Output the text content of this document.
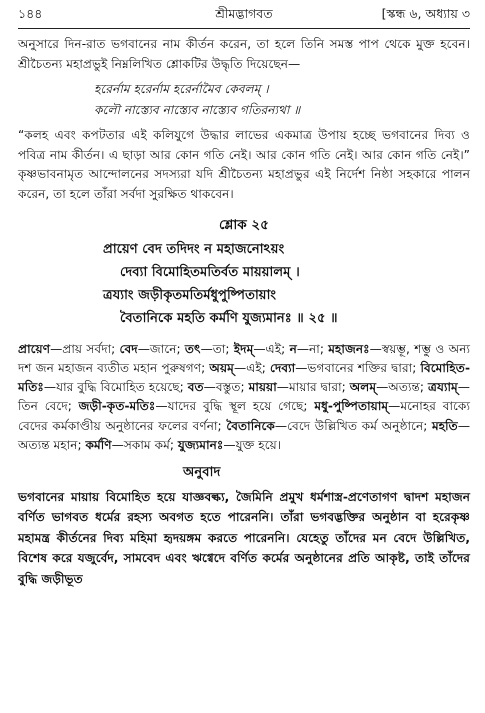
১৪৪	শ্রীমদ্ভাগবত	[স্কন্ধ ৬, অধ্যায় ৩

অনুসারে দিন-রাত ভগবানের নাম কীর্তন করেন, তা হলে তিনি সমস্ত পাপ থেকে মুক্ত হবেন। শ্রীচৈতন্য মহাপ্রভুই নিম্নলিখিত শ্লোকটির উদ্ধৃতি দিয়েছেন—

হরের্নাম হরের্নাম হরের্নামৈব কেবলম্ ।
কলৌ নাস্ত্যেব নাস্ত্যেব নাস্ত্যেব গতিরন্যথা ॥

“কলহ এবং কপটতার এই কলিযুগে উদ্ধার লাভের একমাত্র উপায় হচ্ছে ভগবানের দিব্য ও পবিত্র নাম কীর্তন। এ ছাড়া আর কোন গতি নেই। আর কোন গতি নেই। আর কোন গতি নেই।” কৃষ্ণভাবনামৃত আন্দোলনের সদস্যরা যদি শ্রীচৈতন্য মহাপ্রভুর এই নির্দেশ নিষ্ঠা সহকারে পালন করেন, তা হলে তাঁরা সর্বদা সুরক্ষিত থাকবেন।

শ্লোক ২৫
প্রায়েণ বেদ তদিদং ন মহাজনোঽয়ং
দেব্যা বিমোহিতমতির্বত মায়য়ালম্ ।
ত্রয্যাং জড়ীকৃতমতির্মধুপুষ্পিতায়াং
বৈতানিকে মহতি কর্মণি যুজ্যমানঃ ॥ ২৫ ॥

প্রায়েণ—প্রায় সর্বদা; বেদ—জানে; তৎ—তা; ইদম্—এই; ন—না; মহাজনঃ—স্বয়ম্ভূ, শম্ভু ও অন্য দশ জন মহাজন ব্যতীত মহান পুরুষগণ; অয়ম্—এই; দেব্যা—ভগবানের শক্তির দ্বারা; বিমোহিত-মতিঃ—যার বুদ্ধি বিমোহিত হয়েছে; বত—বস্তুত; মায়য়া—মায়ার দ্বারা; অলম্—অত্যন্ত; ত্রয্যাম্—তিন বেদে; জড়ী-কৃত-মতিঃ—যাদের বুদ্ধি স্থূল হয়ে গেছে; মধু-পুষ্পিতায়াম্—মনোহর বাক্যে বেদের কর্মকাণ্ডীয় অনুষ্ঠানের ফলের বর্ণনা; বৈতানিকে—বেদে উল্লিখিত কর্ম অনুষ্ঠানে; মহতি—অত্যন্ত মহান; কর্মণি—সকাম কর্ম; যুজ্যমানঃ—যুক্ত হয়ে।

অনুবাদ

ভগবানের মায়ায় বিমোহিত হয়ে যাজ্ঞবল্ক্য, জৈমিনি প্রমুখ ধর্মশাস্ত্র-প্রণেতাগণ দ্বাদশ মহাজন বর্ণিত ভাগবত ধর্মের রহস্য অবগত হতে পারেননি। তাঁরা ভগবদ্ভক্তির অনুষ্ঠান বা হরেকৃষ্ণ মহামন্ত্র কীর্তনের দিব্য মহিমা হৃদয়ঙ্গম করতে পারেননি। যেহেতু তাঁদের মন বেদে উল্লিখিত, বিশেষ করে যজুর্বেদ, সামবেদ এবং ঋগ্বেদে বর্ণিত কর্মের অনুষ্ঠানের প্রতি আকৃষ্ট, তাই তাঁদের বুদ্ধি জড়ীভূত
